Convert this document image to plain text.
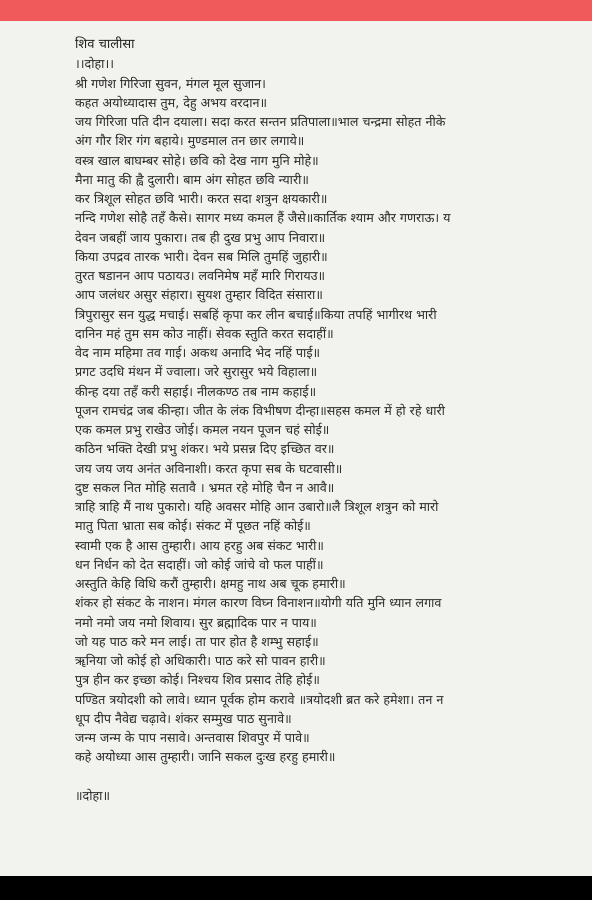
शिव चालीसा
।।दोहा।।
श्री गणेश गिरिजा सुवन, मंगल मूल सुजान।
कहत अयोध्यादास तुम, देहु अभय वरदान॥
जय गिरिजा पति दीन दयाला। सदा करत सन्तन प्रतिपाला॥भाल चन्द्रमा सोहत नीके
अंग गौर शिर गंग बहाये। मुण्डमाल तन छार लगाये॥
वस्त्र खाल बाघम्बर सोहे। छवि को देख नाग मुनि मोहे॥
मैना मातु की ह्वै दुलारी। बाम अंग सोहत छवि न्यारी॥
कर त्रिशूल सोहत छवि भारी। करत सदा शत्रुन क्षयकारी॥
नन्दि गणेश सोहै तहँ कैसे। सागर मध्य कमल हैं जैसे॥कार्तिक श्याम और गणराऊ। य
देवन जबहीं जाय पुकारा। तब ही दुख प्रभु आप निवारा॥
किया उपद्रव तारक भारी। देवन सब मिलि तुमहिं जुहारी॥
तुरत षडानन आप पठायउ। लवनिमेष महँ मारि गिरायउ॥
आप जलंधर असुर संहारा। सुयश तुम्हार विदित संसारा॥
त्रिपुरासुर सन युद्ध मचाई। सबहिं कृपा कर लीन बचाई॥किया तपहिं भागीरथ भारी
दानिन महं तुम सम कोउ नाहीं। सेवक स्तुति करत सदाहीं॥
वेद नाम महिमा तव गाई। अकथ अनादि भेद नहिं पाई॥
प्रगट उदधि मंथन में ज्वाला। जरे सुरासुर भये विहाला॥
कीन्ह दया तहँ करी सहाई। नीलकण्ठ तब नाम कहाई॥
पूजन रामचंद्र जब कीन्हा। जीत के लंक विभीषण दीन्हा॥सहस कमल में हो रहे धारी
एक कमल प्रभु राखेउ जोई। कमल नयन पूजन चहं सोई॥
कठिन भक्ति देखी प्रभु शंकर। भये प्रसन्न दिए इच्छित वर॥
जय जय जय अनंत अविनाशी। करत कृपा सब के घटवासी॥
दुष्ट सकल नित मोहि सतावै । भ्रमत रहे मोहि चैन न आवै॥
त्राहि त्राहि मैं नाथ पुकारो। यहि अवसर मोहि आन उबारो॥लै त्रिशूल शत्रुन को मारो
मातु पिता भ्राता सब कोई। संकट में पूछत नहिं कोई॥
स्वामी एक है आस तुम्हारी। आय हरहु अब संकट भारी॥
धन निर्धन को देत सदाहीं। जो कोई जांचे वो फल पाहीं॥
अस्तुति केहि विधि करौं तुम्हारी। क्षमहु नाथ अब चूक हमारी॥
शंकर हो संकट के नाशन। मंगल कारण विघ्न विनाशन॥योगी यति मुनि ध्यान लगाव
नमो नमो जय नमो शिवाय। सुर ब्रह्मादिक पार न पाय॥
जो यह पाठ करे मन लाई। ता पार होत है शम्भु सहाई॥
ॠनिया जो कोई हो अधिकारी। पाठ करे सो पावन हारी॥
पुत्र हीन कर इच्छा कोई। निश्चय शिव प्रसाद तेहि होई॥
पण्डित त्रयोदशी को लावे। ध्यान पूर्वक होम करावे ॥त्रयोदशी ब्रत करे हमेशा। तन न
धूप दीप नैवेद्य चढ़ावे। शंकर सम्मुख पाठ सुनावे॥
जन्म जन्म के पाप नसावे। अन्तवास शिवपुर में पावे॥
कहे अयोध्या आस तुम्हारी। जानि सकल दुःख हरहु हमारी॥
॥दोहा॥
